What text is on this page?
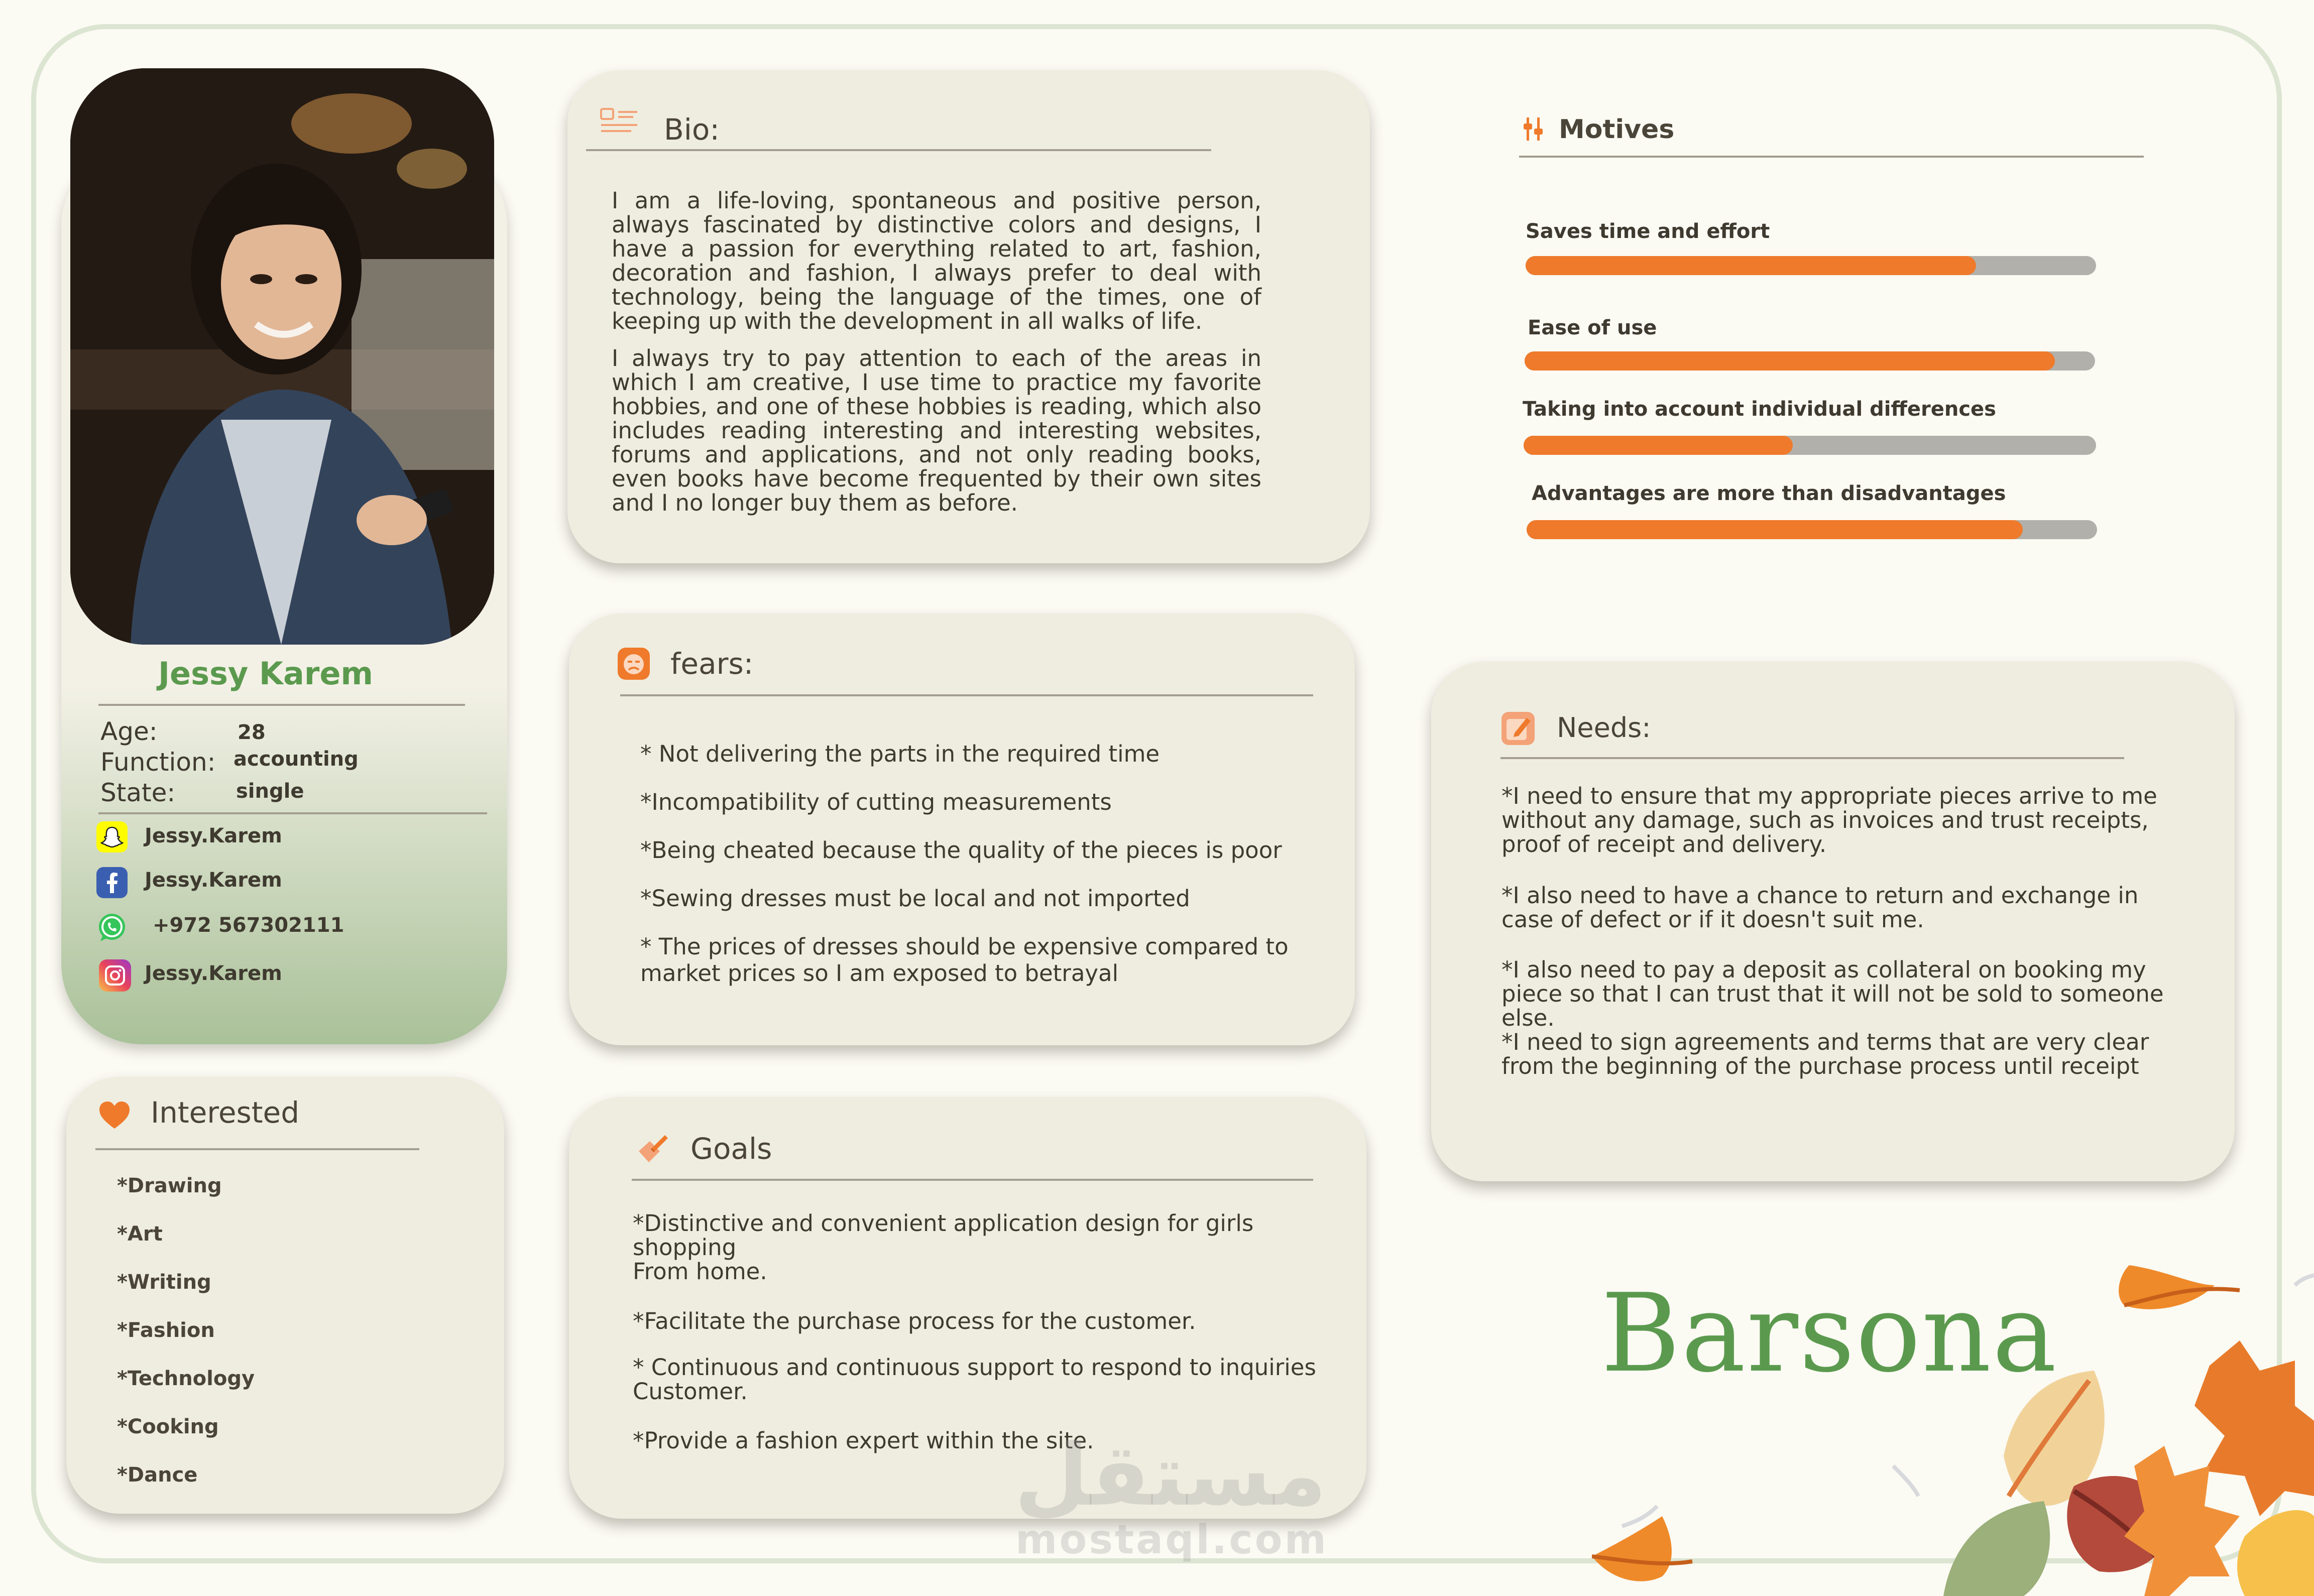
Jessy Karem
Age:	28
Function: accounting
State:	single
Jessy.Karem
Jessy.Karem
+972 567302111
Jessy.Karem
Interested
*Drawing
*Art
*Writing
*Fashion
*Technology
*Cooking
*Dance
Bio:

I am a life-loving, spontaneous and positive person, always fascinated by distinctive colors and designs, I have a passion for everything related to art, fashion, decoration and fashion, I always prefer to deal with technology, being the language of the times, one of keeping up with the development in all walks of life.

I always try to pay attention to each of the areas in which I am creative, I use time to practice my favorite hobbies, and one of these hobbies is reading, which also includes reading interesting and interesting websites, forums and applications, and not only reading books, even books have become frequented by their own sites and I no longer buy them as before.

fears:
* Not delivering the parts in the required time
*Incompatibility of cutting measurements
*Being cheated because the quality of the pieces is poor
*Sewing dresses must be local and not imported
* The prices of dresses should be expensive compared to
market prices so I am exposed to betrayal
Goals
*Distinctive and convenient application design for girls
shopping
From home.
*Facilitate the purchase process for the customer.
* Continuous and continuous support to respond to inquiries
Customer.
*Provide a fashion expert within the site.
Motives
Saves time and effort
Ease of use
Taking into account individual differences
Advantages are more than disadvantages
Needs:
*I need to ensure that my appropriate pieces arrive to me
without any damage, such as invoices and trust receipts,
proof of receipt and delivery.
*I also need to have a chance to return and exchange in
case of defect or if it doesn't suit me.
*I also need to pay a deposit as collateral on booking my
piece so that I can trust that it will not be sold to someone
else.
*I need to sign agreements and terms that are very clear
from the beginning of the purchase process until receipt
Barsona
مستقل
mostaql.com
